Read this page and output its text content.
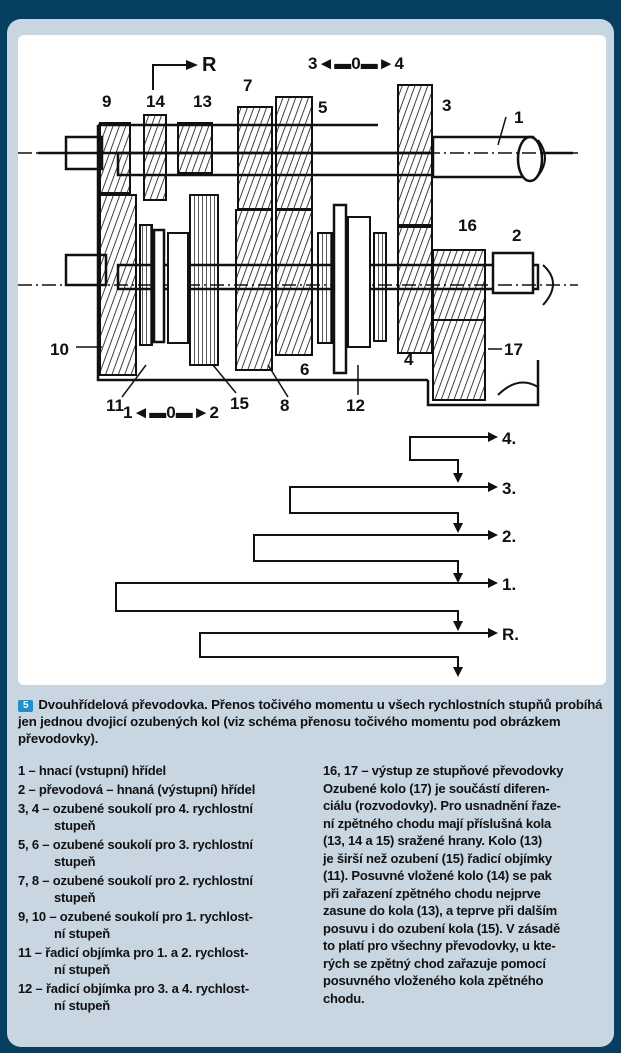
R	3◄▬0▬►4
1◄▬0▬►2
9 14 13
7
5	3
1
16
2
17
10
11	15 8
6
12
4
4.
3.
2.
1.
R.
5 Dvouhřídelová převodovka. Přenos točivého momentu u všech rychlostních stupňů probíhá jen jednou dvojicí ozubených kol (viz schéma přenosu točivého momentu pod obrázkem převodovky).
1 – hnací (vstupní) hřídel
2 – převodová – hnaná (výstupní) hřídel
3, 4 – ozubené soukolí pro 4. rychlostní
stupeň
5, 6 – ozubené soukolí pro 3. rychlostní
stupeň
7, 8 – ozubené soukolí pro 2. rychlostní
stupeň
9, 10 – ozubené soukolí pro 1. rychlost-
ní stupeň
11 – řadicí objímka pro 1. a 2. rychlost-
ní stupeň
12 – řadicí objímka pro 3. a 4. rychlost-
ní stupeň
16, 17 – výstup ze stupňové převodovky
Ozubené kolo (17) je součástí diferen-
ciálu (rozvodovky). Pro usnadnění řaze-
ní zpětného chodu mají příslušná kola
(13, 14 a 15) sražené hrany. Kolo (13)
je širší než ozubení (15) řadicí objímky
(11). Posuvné vložené kolo (14) se pak
při zařazení zpětného chodu nejprve
zasune do kola (13), a teprve při dalším
posuvu i do ozubení kola (15). V zásadě
to platí pro všechny převodovky, u kte-
rých se zpětný chod zařazuje pomocí
posuvného vloženého kola zpětného
chodu.
